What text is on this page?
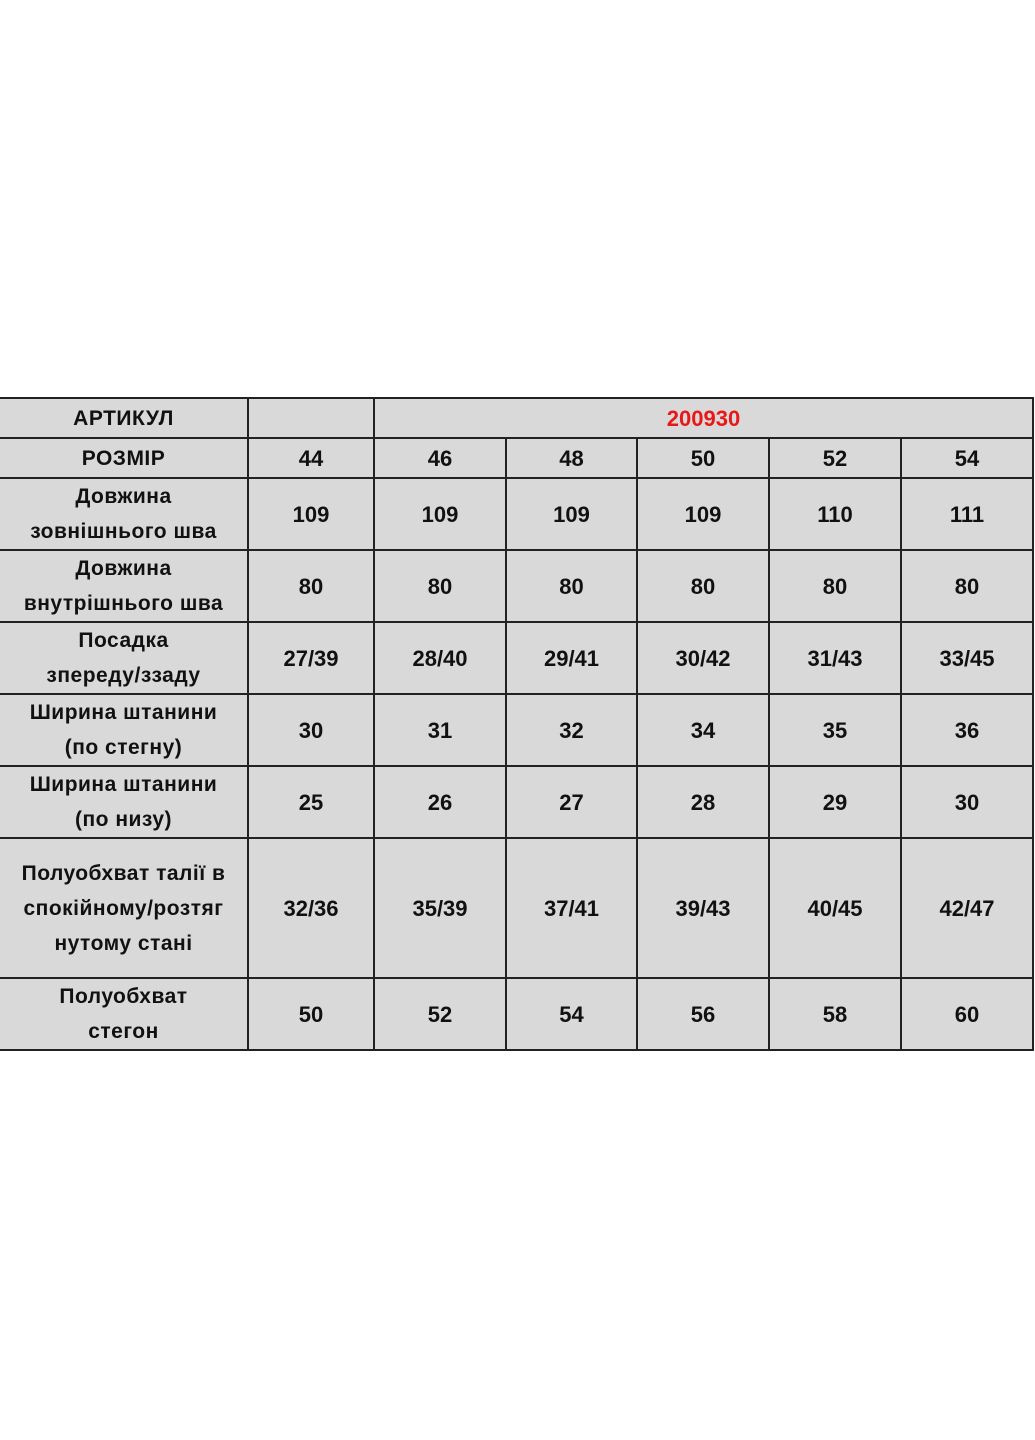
АРТИКУЛ		200930				
РОЗМІР	44	46	48	50	52	54
Довжина
зовнішнього шва	109	109	109	109	110	111
Довжина
внутрішнього шва	80	80	80	80	80	80
Посадка
зпереду/ззаду	27/39	28/40	29/41	30/42	31/43	33/45
Ширина штанини
(по стегну)	30	31	32	34	35	36
Ширина штанини
(по низу)	25	26	27	28	29	30
Полуобхват талії в
спокійному/розтяг
нутому стані	32/36	35/39	37/41	39/43	40/45	42/47
Полуобхват
стегон	50	52	54	56	58	60
